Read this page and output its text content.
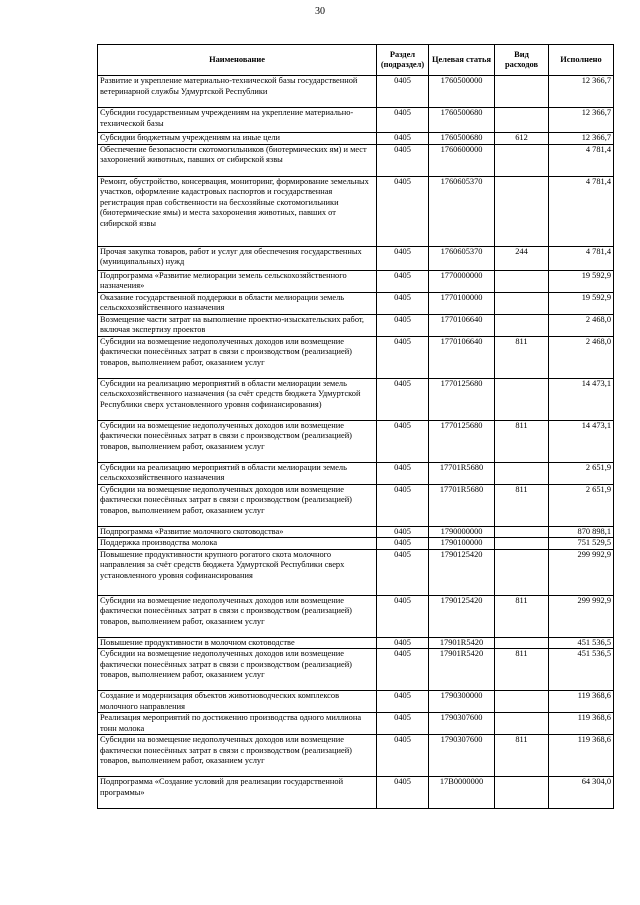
30
Наименование	Раздел (подраздел)	Целевая статья	Вид расходов	Исполнено
Развитие и укрепление материально-технической базы государственной ветеринарной службы Удмуртской Республики	0405	1760500000		12 366,7
Субсидии государственным учреждениям на укрепление материально-технической базы	0405	1760500680		12 366,7
Субсидии бюджетным учреждениям на иные цели	0405	1760500680	612	12 366,7
Обеспечение безопасности скотомогильников (биотермических ям) и мест захоронений животных, павших от сибирской язвы	0405	1760600000		4 781,4
Ремонт, обустройство, консервация, мониторинг, формирование земельных участков, оформление кадастровых паспортов и государственная регистрация прав собственности на бесхозяйные скотомогильники (биотермические ямы) и места захоронения животных, павших от сибирской язвы	0405	1760605370		4 781,4
Прочая закупка товаров, работ и услуг для обеспечения государственных (муниципальных) нужд	0405	1760605370	244	4 781,4
Подпрограмма «Развитие мелиорации земель сельскохозяйственного назначения»	0405	1770000000		19 592,9
Оказание государственной поддержки в области мелиорации земель сельскохозяйственного назначения	0405	1770100000		19 592,9
Возмещение части затрат на выполнение проектно-изыскательских работ, включая экспертизу проектов	0405	1770106640		2 468,0
Субсидии на возмещение недополученных доходов или возмещение фактически понесённых затрат в связи с производством (реализацией) товаров, выполнением работ, оказанием услуг	0405	1770106640	811	2 468,0
Субсидии на реализацию мероприятий в области мелиорации земель сельскохозяйственного назначения (за счёт средств бюджета Удмуртской Республики сверх установленного уровня софинансирования)	0405	1770125680		14 473,1
Субсидии на возмещение недополученных доходов или возмещение фактически понесённых затрат в связи с производством (реализацией) товаров, выполнением работ, оказанием услуг	0405	1770125680	811	14 473,1
Субсидии на реализацию мероприятий в области мелиорации земель сельскохозяйственного назначения	0405	17701R5680		2 651,9
Субсидии на возмещение недополученных доходов или возмещение фактически понесённых затрат в связи с производством (реализацией) товаров, выполнением работ, оказанием услуг	0405	17701R5680	811	2 651,9
Подпрограмма «Развитие молочного скотоводства»	0405	1790000000		870 898,1
Поддержка производства молока	0405	1790100000		751 529,5
Повышение продуктивности крупного рогатого скота молочного направления за счёт средств бюджета Удмуртской Республики сверх установленного уровня софинансирования	0405	1790125420		299 992,9
Субсидии на возмещение недополученных доходов или возмещение фактически понесённых затрат в связи с производством (реализацией) товаров, выполнением работ, оказанием услуг	0405	1790125420	811	299 992,9
Повышение продуктивности в молочном скотоводстве	0405	17901R5420		451 536,5
Субсидии на возмещение недополученных доходов или возмещение фактически понесённых затрат в связи с производством (реализацией) товаров, выполнением работ, оказанием услуг	0405	17901R5420	811	451 536,5
Создание и модернизация объектов животноводческих комплексов молочного направления	0405	1790300000		119 368,6
Реализация мероприятий по достижению производства одного миллиона тонн молока	0405	1790307600		119 368,6
Субсидии на возмещение недополученных доходов или возмещение фактически понесённых затрат в связи с производством (реализацией) товаров, выполнением работ, оказанием услуг	0405	1790307600	811	119 368,6
Подпрограмма «Создание условий для реализации государственной программы»	0405	17В0000000		64 304,0
